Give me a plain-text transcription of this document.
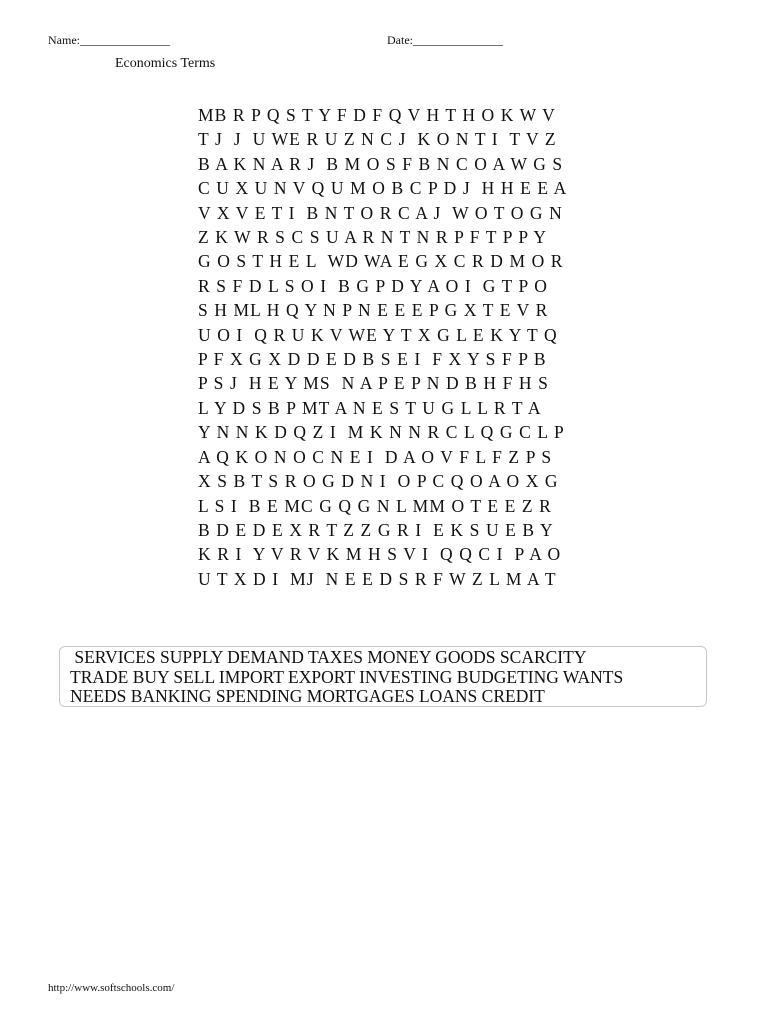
Name:_______________	Date:_______________
Economics Terms
MB R P Q S T Y F D F Q V H T H O K W V
T J  J  U WE R U Z N C J  K O N T I  T V Z
B A K N A R J  B M O S F B N C O A W G S
C U X U N V Q U M O B C P D J  H H E E A
V X V E T I  B N T O R C A J  W O T O G N
Z K W R S C S U A R N T N R P F T P P Y
G O S T H E L  WD WA E G X C R D M O R
R S F D L S O I  B G P D Y A O I  G T P O
S H ML H Q Y N P N E E E P G X T E V R
U O I  Q R U K V WE Y T X G L E K Y T Q
P F X G X D D E D B S E I  F X Y S F P B
P S J  H E Y MS  N A P E P N D B H F H S
L Y D S B P MT A N E S T U G L L R T A
Y N N K D Q Z I  M K N N R C L Q G C L P
A Q K O N O C N E I  D A O V F L F Z P S
X S B T S R O G D N I  O P C Q O A O X G
L S I  B E MC G Q G N L MM O T E E Z R
B D E D E X R T Z Z G R I  E K S U E B Y
K R I  Y V R V K M H S V I  Q Q C I  P A O
U T X D I  MJ  N E E D S R F W Z L M A T
SERVICES SUPPLY DEMAND TAXES MONEY GOODS SCARCITY
TRADE BUY SELL IMPORT EXPORT INVESTING BUDGETING WANTS
NEEDS BANKING SPENDING MORTGAGES LOANS CREDIT
http://www.softschools.com/
